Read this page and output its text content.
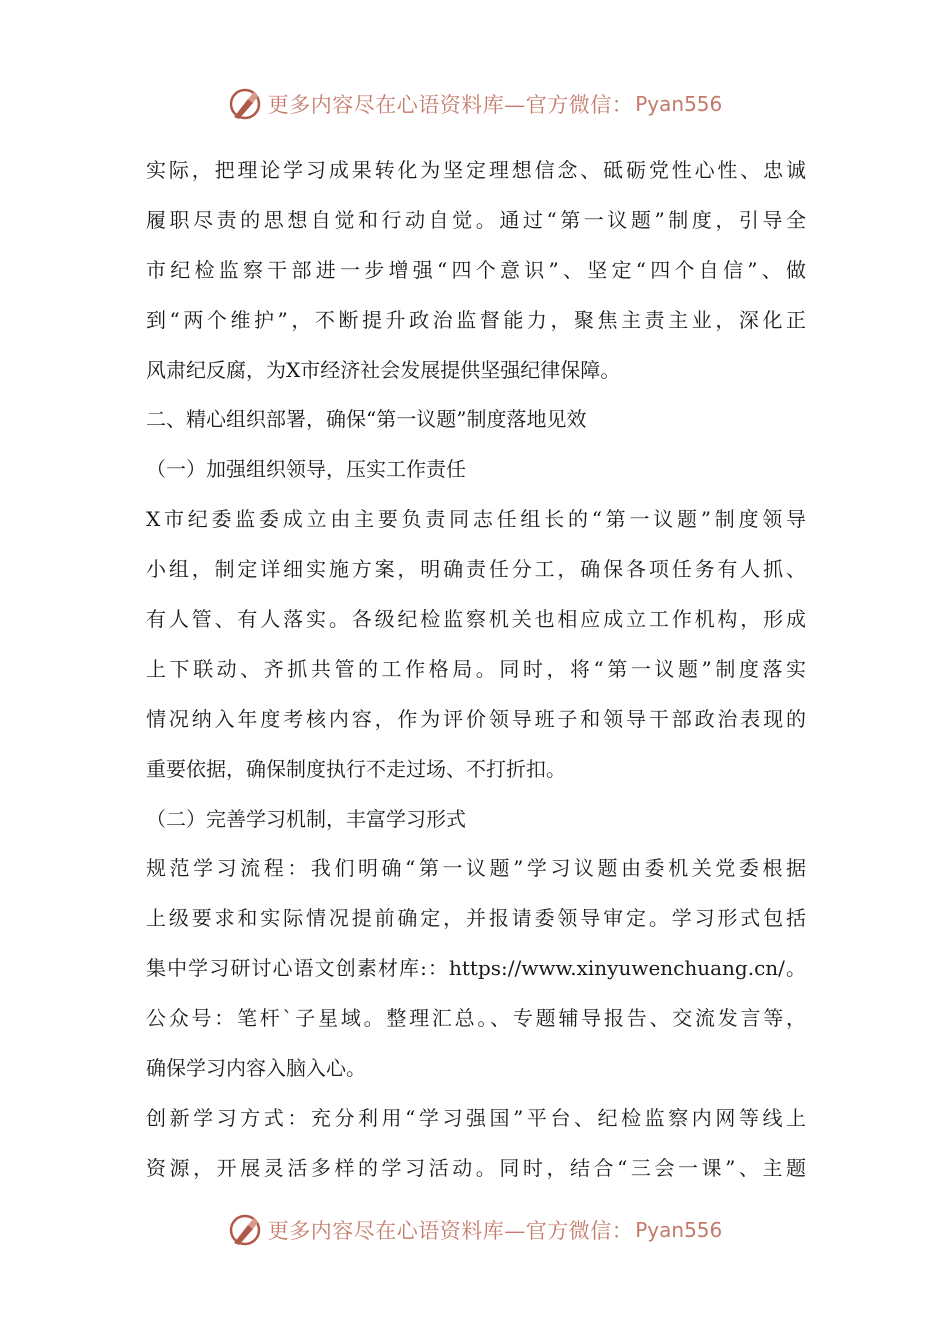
更多内容尽在心语资料库—官方微信： Pyan556
实际，把理论学习成果转化为坚定理想信念、砥砺党性心性、忠诚
履职尽责的思想自觉和行动自觉。通过“第一议题”制度，引导全
市纪检监察干部进一步增强“四个意识”、坚定“四个自信”、做
到“两个维护”，不断提升政治监督能力，聚焦主责主业，深化正
风肃纪反腐，为X市经济社会发展提供坚强纪律保障。
二、精心组织部署，确保“第一议题”制度落地见效
（一）加强组织领导，压实工作责任
X市纪委监委成立由主要负责同志任组长的“第一议题”制度领导
小组，制定详细实施方案，明确责任分工，确保各项任务有人抓、
有人管、有人落实。各级纪检监察机关也相应成立工作机构，形成
上下联动、齐抓共管的工作格局。同时，将“第一议题”制度落实
情况纳入年度考核内容，作为评价领导班子和领导干部政治表现的
重要依据，确保制度执行不走过场、不打折扣。
（二）完善学习机制，丰富学习形式
规范学习流程：我们明确“第一议题”学习议题由委机关党委根据
上级要求和实际情况提前确定，并报请委领导审定。学习形式包括
集中学习研讨心语文创素材库:：https://www.xinyuwenchuang.cn/。
公众号：笔杆`子星域。整理汇总。、专题辅导报告、交流发言等，
确保学习内容入脑入心。
创新学习方式：充分利用“学习强国”平台、纪检监察内网等线上
资源，开展灵活多样的学习活动。同时，结合“三会一课”、主题
更多内容尽在心语资料库—官方微信： Pyan556
